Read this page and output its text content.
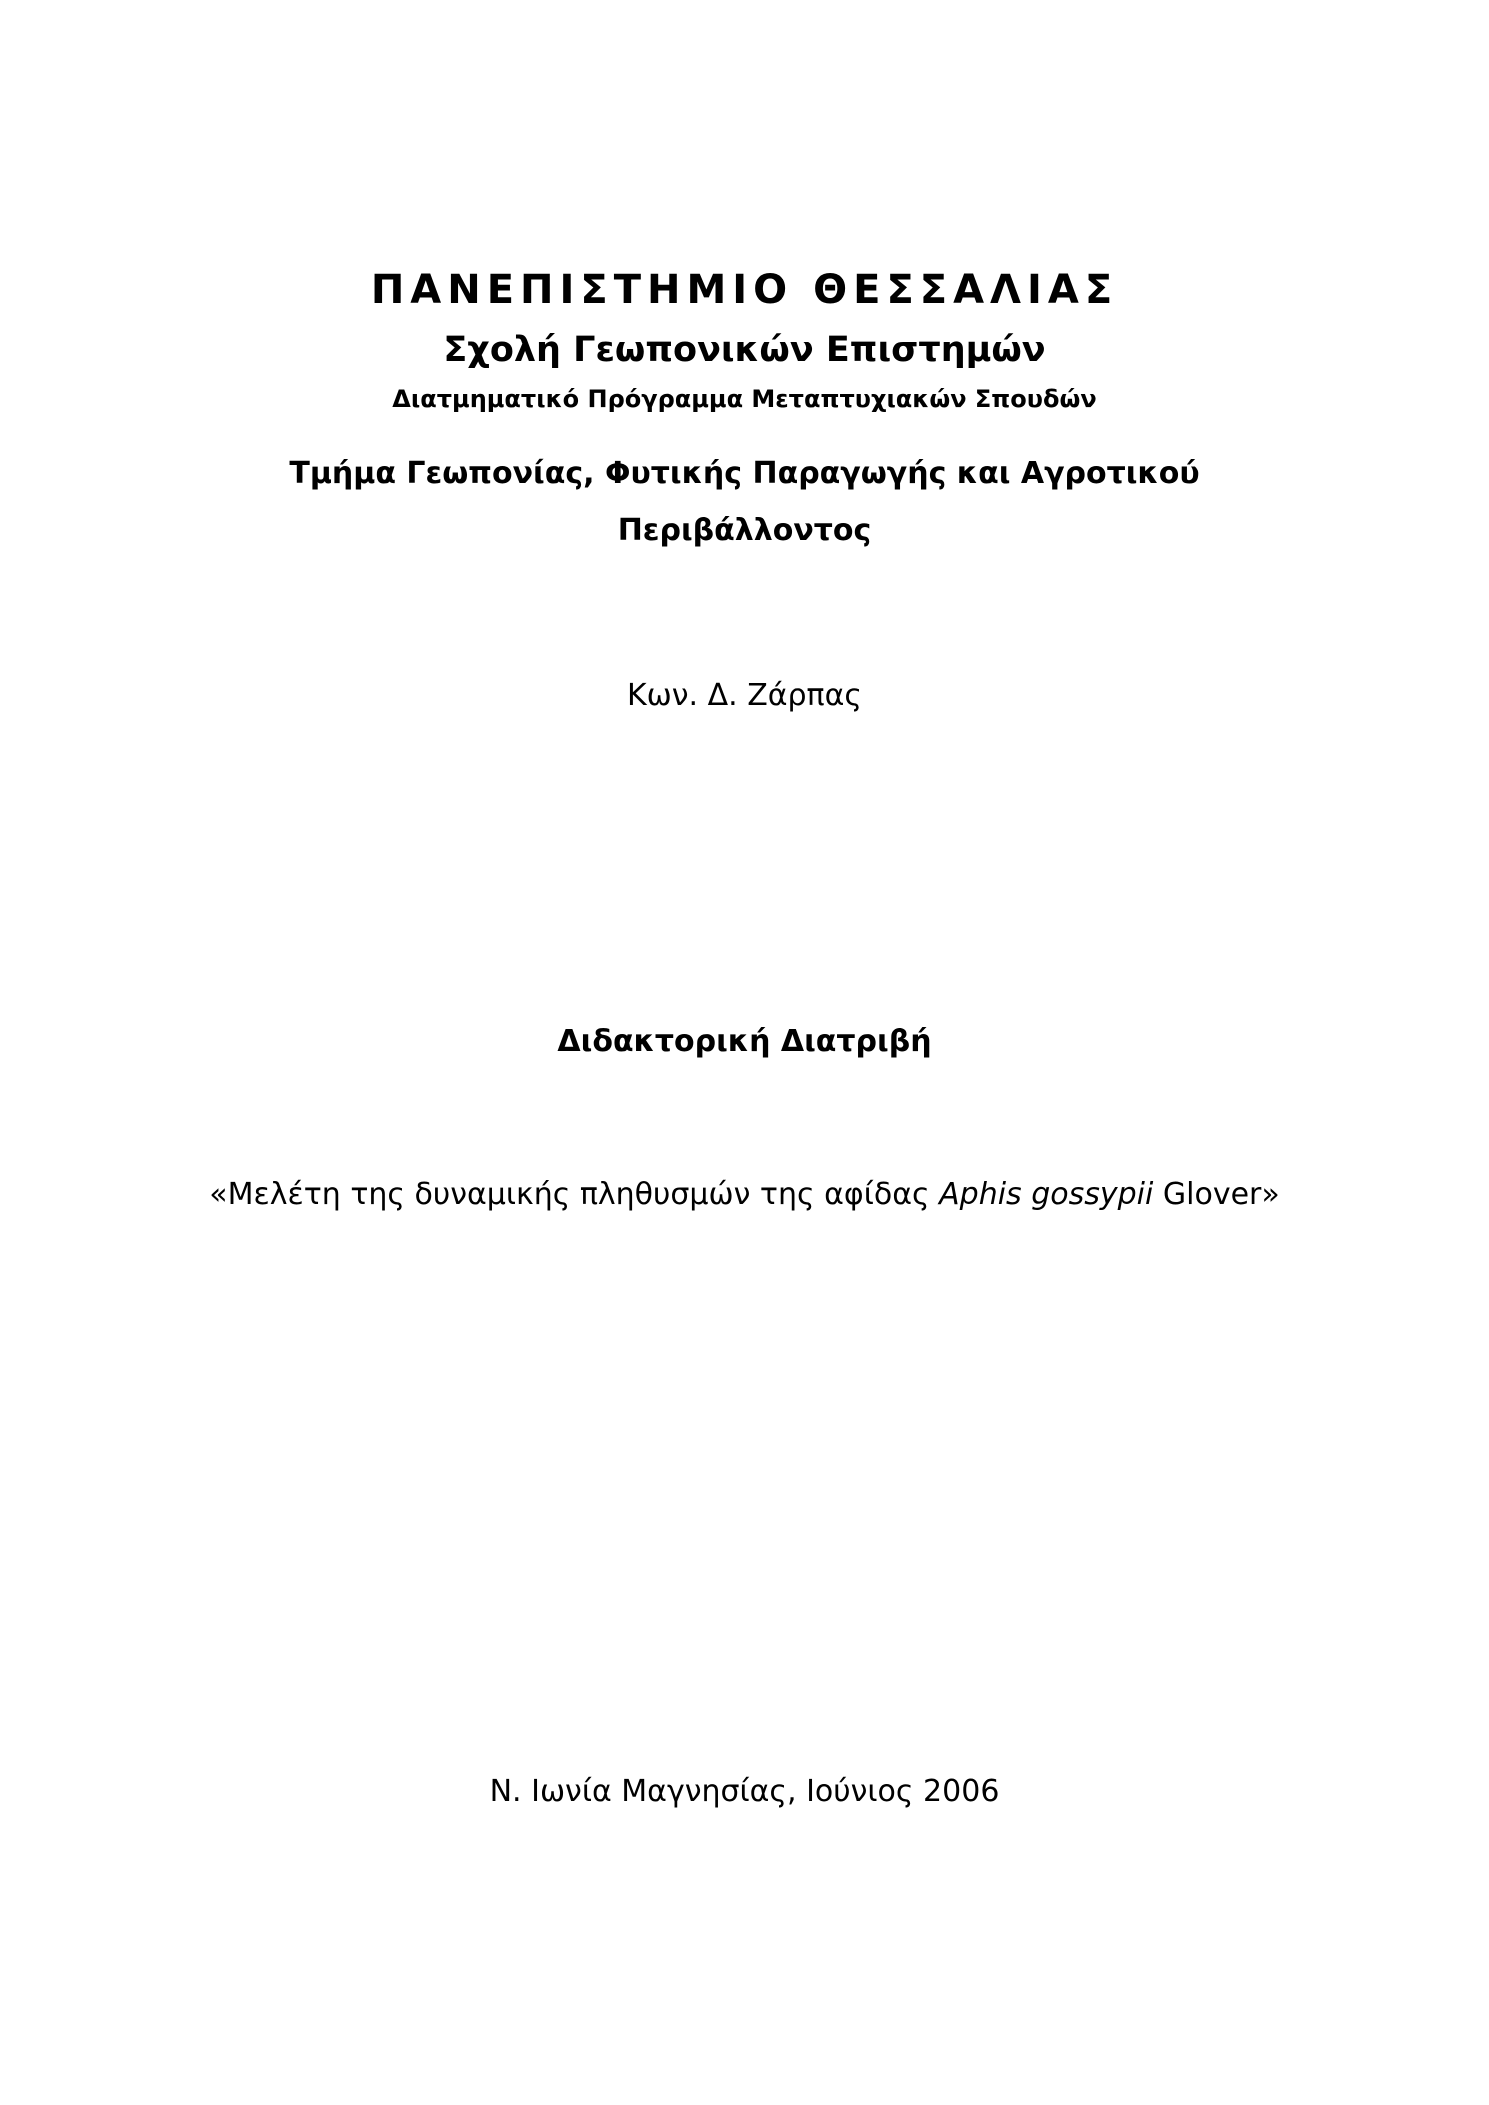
ΠΑΝΕΠΙΣΤΗΜΙΟ ΘΕΣΣΑΛΙΑΣ
Σχολή Γεωπονικών Επιστημών
Διατμηματικό Πρόγραμμα Μεταπτυχιακών Σπουδών
Τμήμα Γεωπονίας, Φυτικής Παραγωγής και Αγροτικού
Περιβάλλοντος
Κων. Δ. Ζάρπας
Διδακτορική Διατριβή
«Μελέτη της δυναμικής πληθυσμών της αφίδας Aphis gossypii Glover»
Ν. Ιωνία Μαγνησίας, Ιούνιος 2006
